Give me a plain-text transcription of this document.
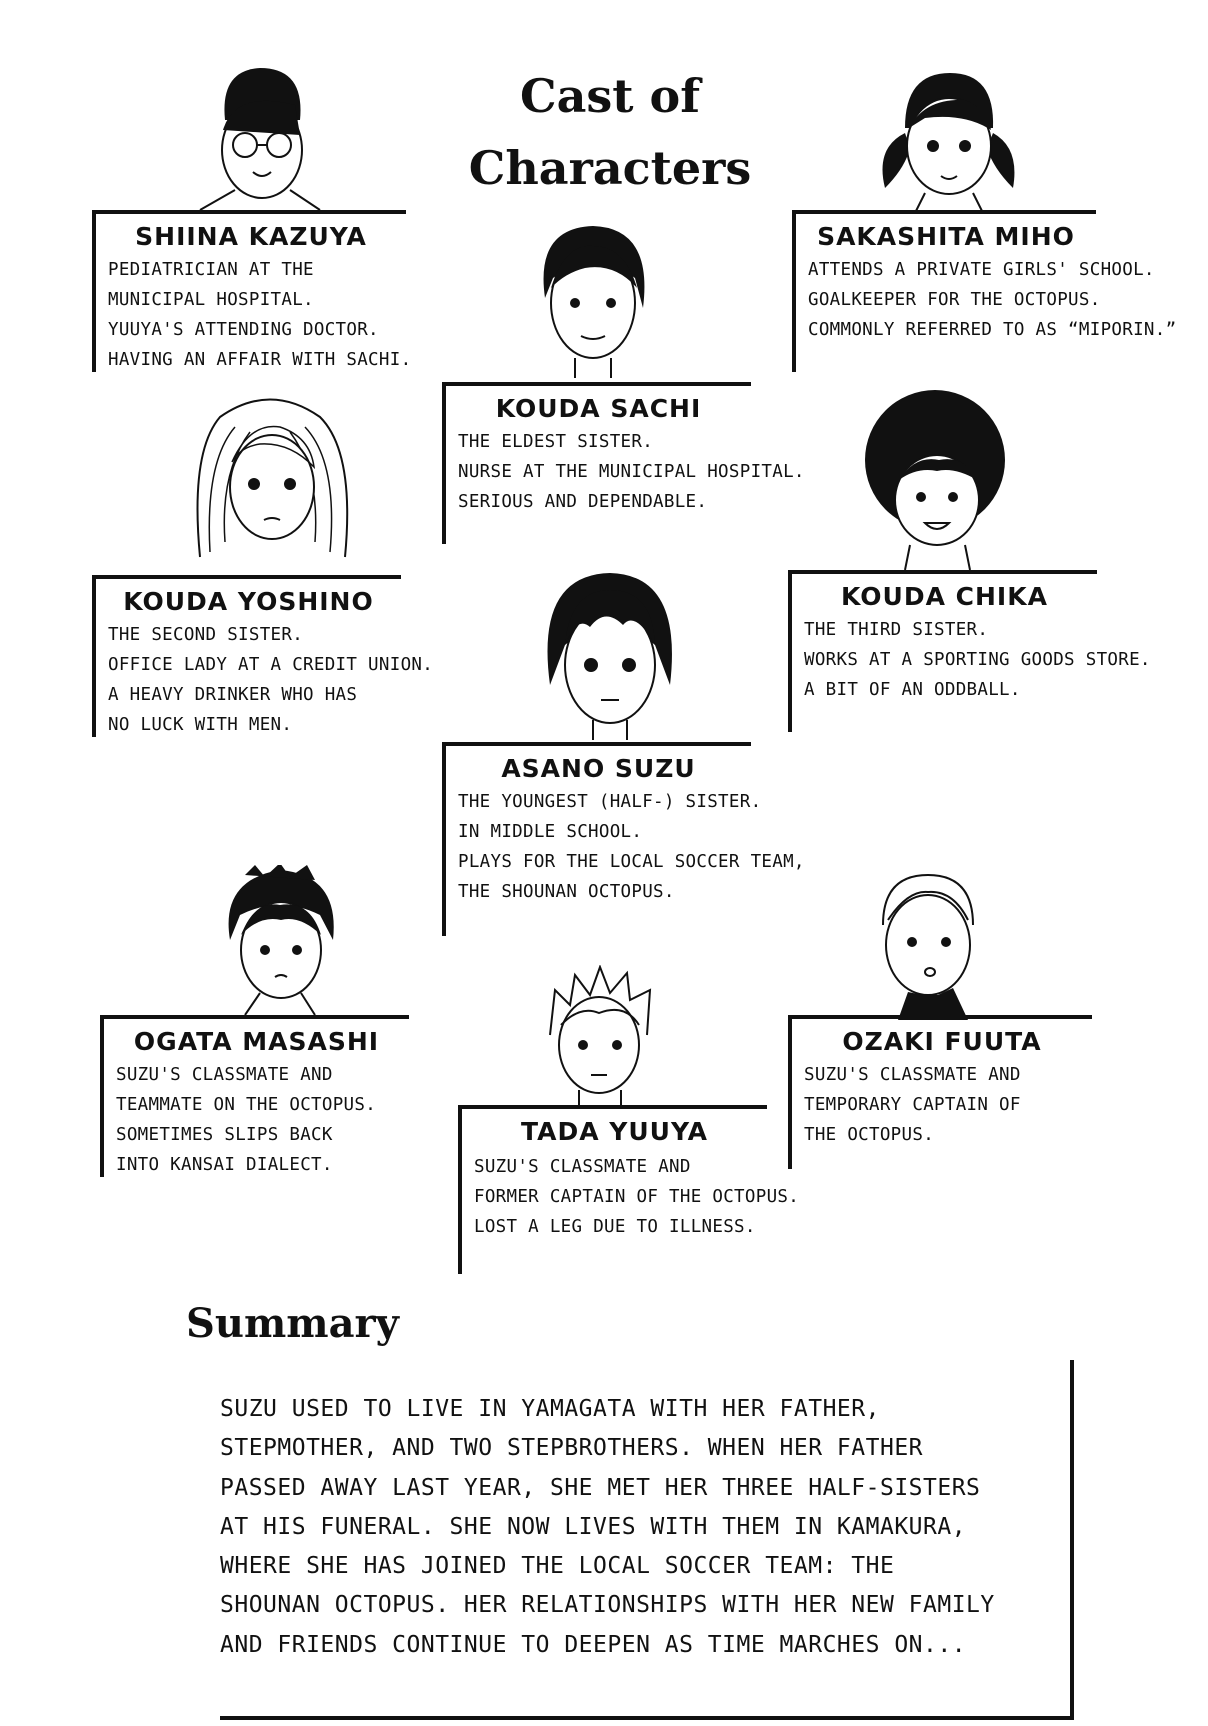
Cast of
Characters
SHIINA KAZUYA
PEDIATRICIAN AT THE
MUNICIPAL HOSPITAL.
YUUYA'S ATTENDING DOCTOR.
HAVING AN AFFAIR WITH SACHI.
SAKASHITA MIHO
ATTENDS A PRIVATE GIRLS' SCHOOL.
GOALKEEPER FOR THE OCTOPUS.
COMMONLY REFERRED TO AS “MIPORIN.”
KOUDA SACHI
THE ELDEST SISTER.
NURSE AT THE MUNICIPAL HOSPITAL.
SERIOUS AND DEPENDABLE.
KOUDA YOSHINO
THE SECOND SISTER.
OFFICE LADY AT A CREDIT UNION.
A HEAVY DRINKER WHO HAS
NO LUCK WITH MEN.
KOUDA CHIKA
THE THIRD SISTER.
WORKS AT A SPORTING GOODS STORE.
A BIT OF AN ODDBALL.
ASANO SUZU
THE YOUNGEST (HALF-) SISTER.
IN MIDDLE SCHOOL.
PLAYS FOR THE LOCAL SOCCER TEAM,
THE SHOUNAN OCTOPUS.
OGATA MASASHI
SUZU'S CLASSMATE AND
TEAMMATE ON THE OCTOPUS.
SOMETIMES SLIPS BACK
INTO KANSAI DIALECT.
OZAKI FUUTA
SUZU'S CLASSMATE AND
TEMPORARY CAPTAIN OF
THE OCTOPUS.
TADA YUUYA
SUZU'S CLASSMATE AND
FORMER CAPTAIN OF THE OCTOPUS.
LOST A LEG DUE TO ILLNESS.
Summary
SUZU USED TO LIVE IN YAMAGATA WITH HER FATHER,
STEPMOTHER, AND TWO STEPBROTHERS. WHEN HER FATHER
PASSED AWAY LAST YEAR, SHE MET HER THREE HALF-SISTERS
AT HIS FUNERAL. SHE NOW LIVES WITH THEM IN KAMAKURA,
WHERE SHE HAS JOINED THE LOCAL SOCCER TEAM: THE
SHOUNAN OCTOPUS. HER RELATIONSHIPS WITH HER NEW FAMILY
AND FRIENDS CONTINUE TO DEEPEN AS TIME MARCHES ON...
